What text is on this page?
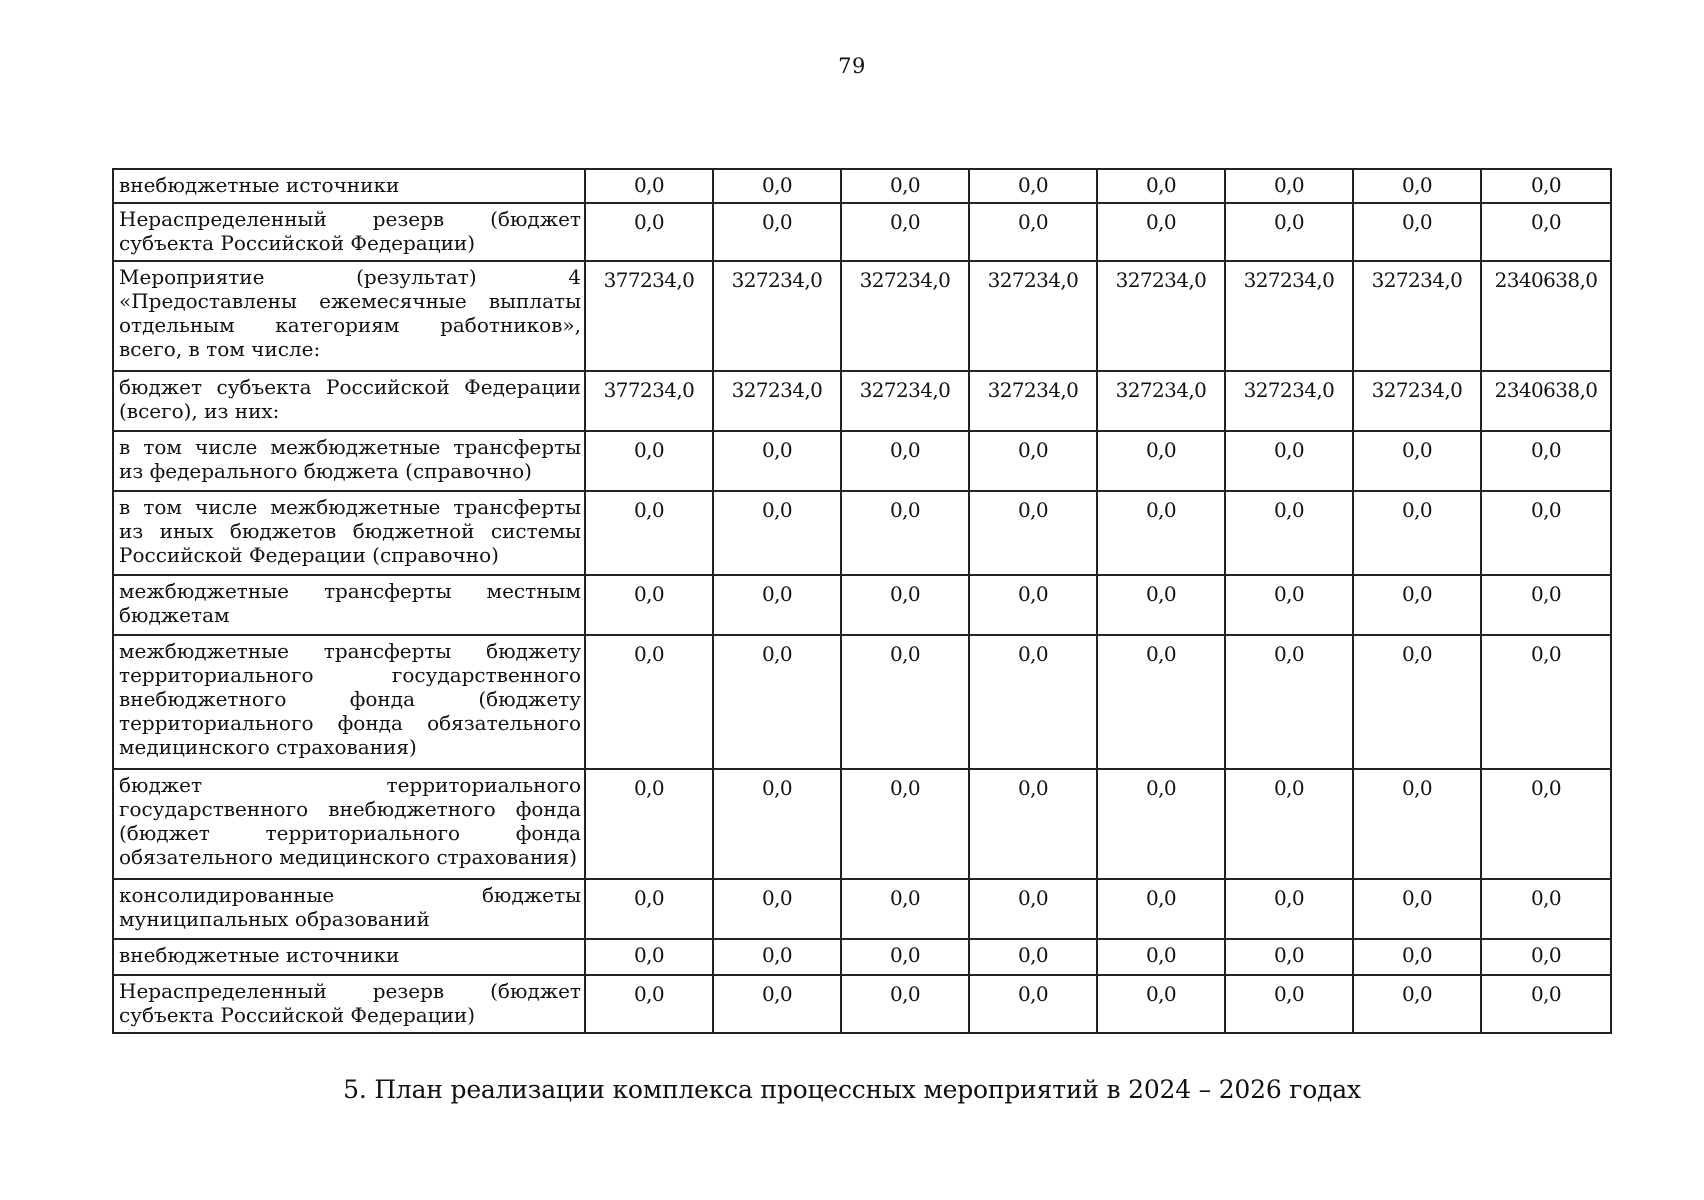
79
внебюджетные источники	0,0	0,0	0,0	0,0	0,0	0,0	0,0	0,0
Нераспределенный резерв (бюджет субъекта Российской Федерации)	0,0	0,0	0,0	0,0	0,0	0,0	0,0	0,0
Мероприятие (результат) 4 «Предоставлены ежемесячные выплаты отдельным категориям работников», всего, в том числе:	377234,0	327234,0	327234,0	327234,0	327234,0	327234,0	327234,0	2340638,0
бюджет субъекта Российской Федерации (всего), из них:	377234,0	327234,0	327234,0	327234,0	327234,0	327234,0	327234,0	2340638,0
в том числе межбюджетные трансферты из федерального бюджета (справочно)	0,0	0,0	0,0	0,0	0,0	0,0	0,0	0,0
в том числе межбюджетные трансферты из иных бюджетов бюджетной системы Российской Федерации (справочно)	0,0	0,0	0,0	0,0	0,0	0,0	0,0	0,0
межбюджетные трансферты местным бюджетам	0,0	0,0	0,0	0,0	0,0	0,0	0,0	0,0
межбюджетные трансферты бюджету территориального государственного внебюджетного фонда (бюджету территориального фонда обязательного медицинского страхования)	0,0	0,0	0,0	0,0	0,0	0,0	0,0	0,0
бюджет территориального государственного внебюджетного фонда (бюджет территориального фонда обязательного медицинского страхования)	0,0	0,0	0,0	0,0	0,0	0,0	0,0	0,0
консолидированные бюджеты муниципальных образований	0,0	0,0	0,0	0,0	0,0	0,0	0,0	0,0
внебюджетные источники	0,0	0,0	0,0	0,0	0,0	0,0	0,0	0,0
Нераспределенный резерв (бюджет субъекта Российской Федерации)	0,0	0,0	0,0	0,0	0,0	0,0	0,0	0,0
5. План реализации комплекса процессных мероприятий в 2024 – 2026 годах
